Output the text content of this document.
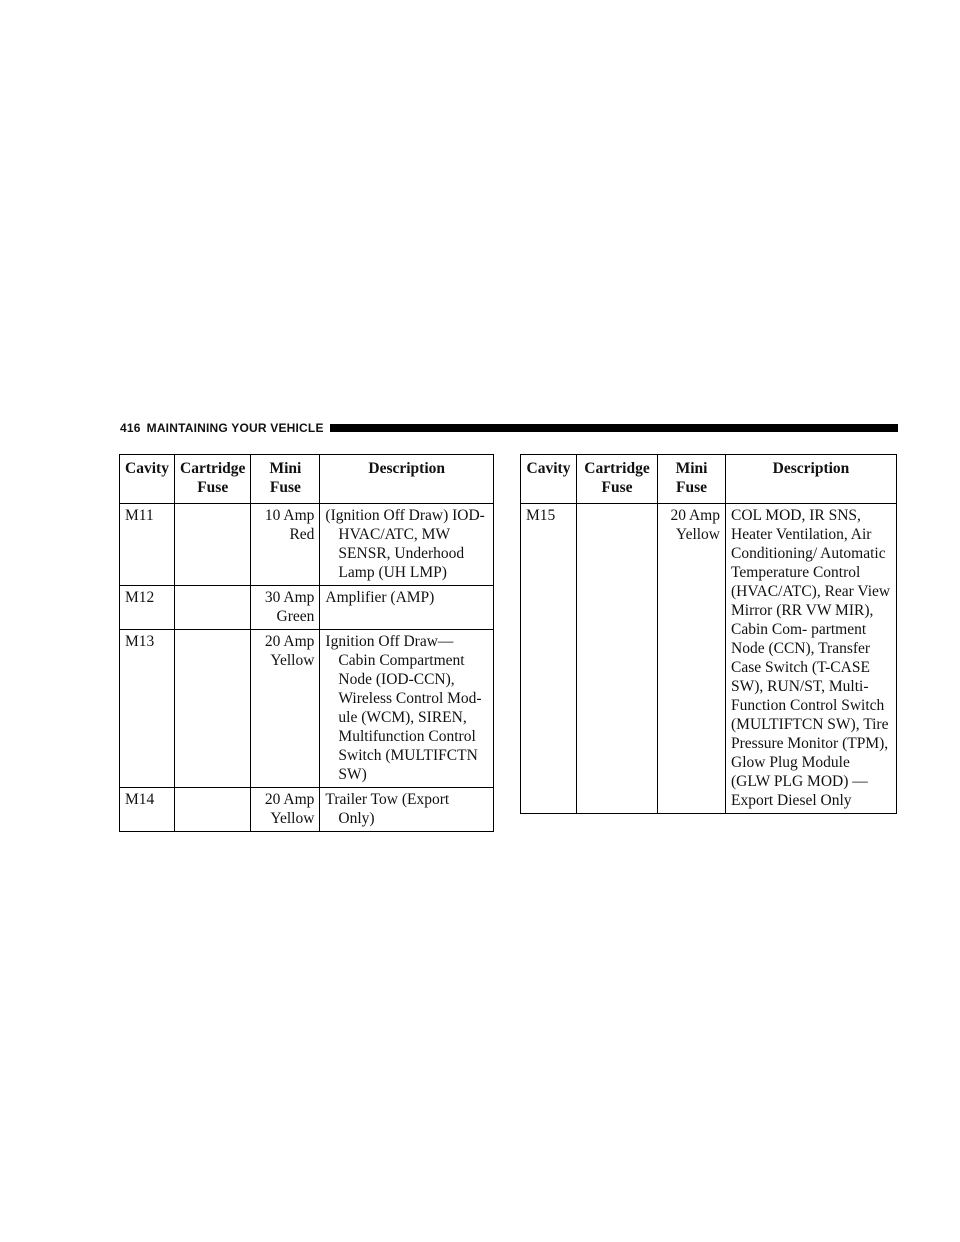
416 MAINTAINING YOUR VEHICLE
Cavity	Cartridge Fuse	Mini Fuse	Description
M11		10 Amp Red	(Ignition Off Draw) IOD-HVAC/ATC, MW SENSR, Underhood Lamp (UH LMP)
M12		30 Amp Green	Amplifier (AMP)
M13		20 Amp Yellow	Ignition Off Draw— Cabin Compartment Node (IOD-CCN), Wireless Control Mod- ule (WCM), SIREN, Multifunction Control Switch (MULTIFCTN SW)
M14		20 Amp Yellow	Trailer Tow (Export Only)
Cavity	Cartridge Fuse	Mini Fuse	Description
M15		20 Amp Yellow	COL MOD, IR SNS, Heater Ventilation, Air Conditioning/ Automatic Temperature Control (HVAC/ATC), Rear View Mirror (RR VW MIR), Cabin Com- partment Node (CCN), Transfer Case Switch (T-CASE SW), RUN/ST, Multi-Function Control Switch (MULTIFTCN SW), Tire Pressure Monitor (TPM), Glow Plug Module (GLW PLG MOD) — Export Diesel Only
